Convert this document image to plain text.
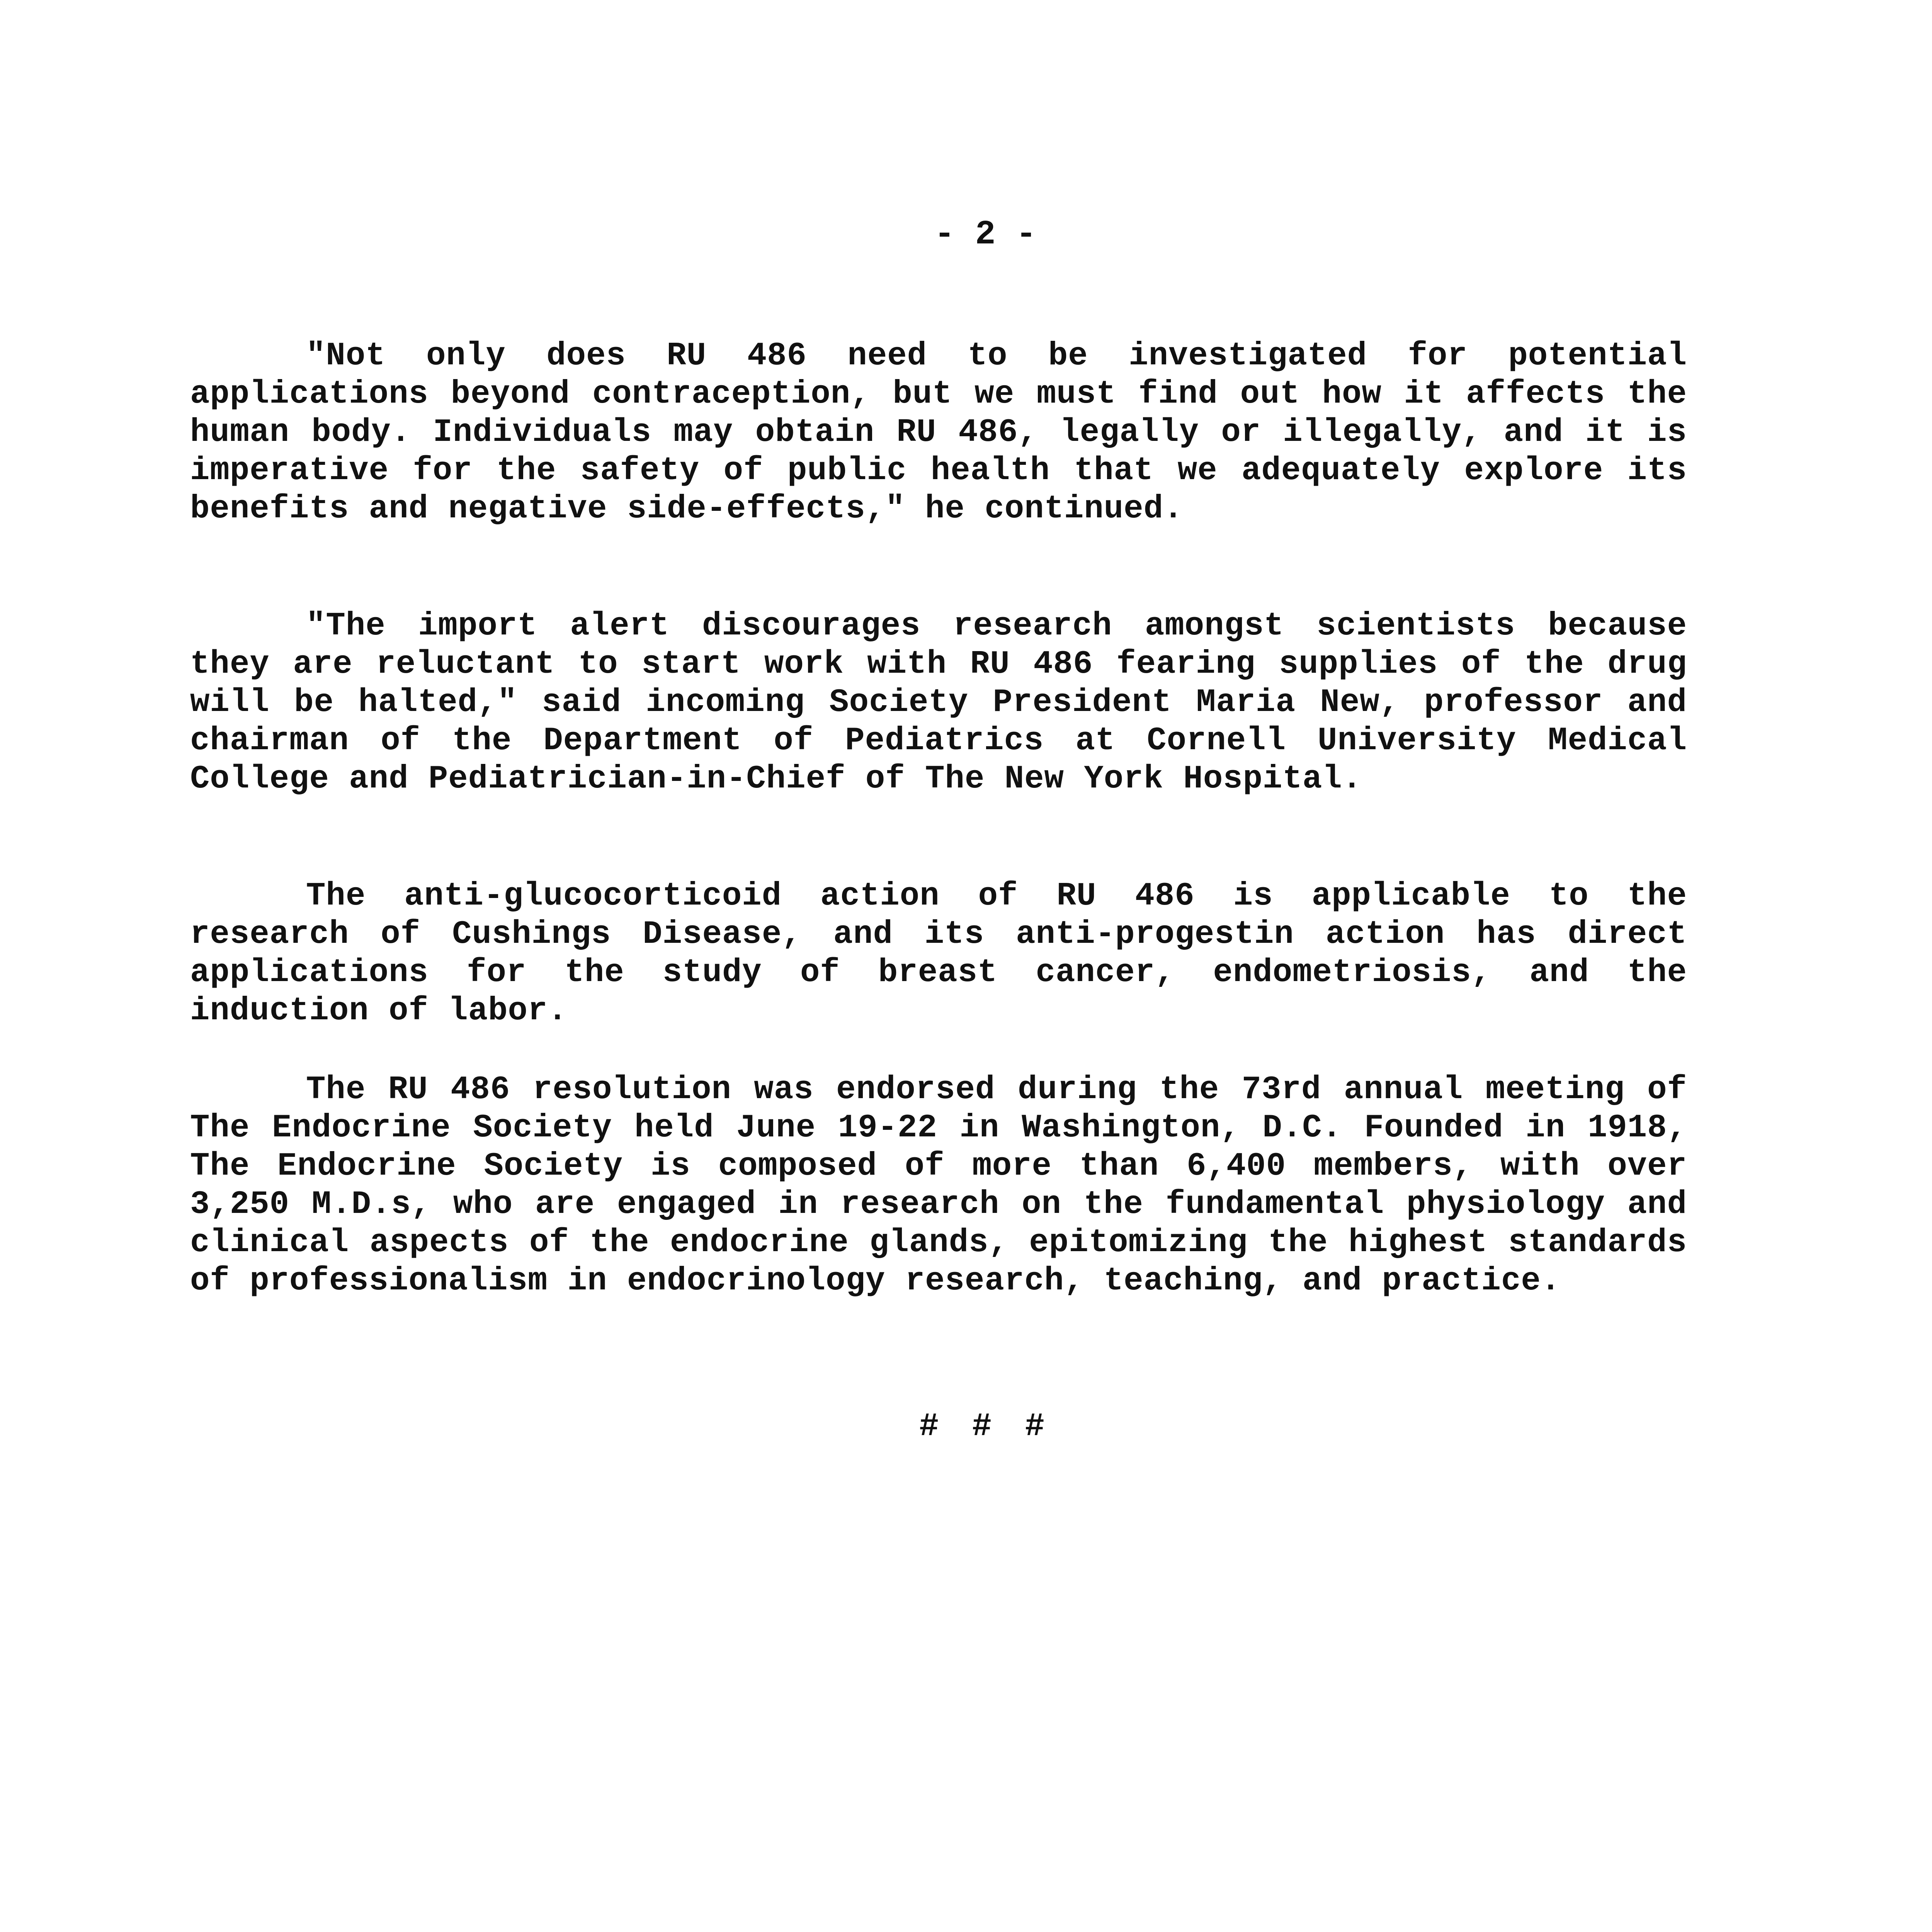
- 2 -

"Not only does RU 486 need to be investigated for potential applications beyond contraception, but we must find out how it affects the human body. Individuals may obtain RU 486, legally or illegally, and it is imperative for the safety of public health that we adequately explore its benefits and negative side-effects," he continued.

"The import alert discourages research amongst scientists because they are reluctant to start work with RU 486 fearing supplies of the drug will be halted," said incoming Society President Maria New, professor and chairman of the Department of Pediatrics at Cornell University Medical College and Pediatrician-in-Chief of The New York Hospital.

The anti-glucocorticoid action of RU 486 is applicable to the research of Cushings Disease, and its anti-progestin action has direct applications for the study of breast cancer, endometriosis, and the induction of labor.

The RU 486 resolution was endorsed during the 73rd annual meeting of The Endocrine Society held June 19-22 in Washington, D.C. Founded in 1918, The Endocrine Society is composed of more than 6,400 members, with over 3,250 M.D.s, who are engaged in research on the fundamental physiology and clinical aspects of the endocrine glands, epitomizing the highest standards of professionalism in endocrinology research, teaching, and practice.

# # #
